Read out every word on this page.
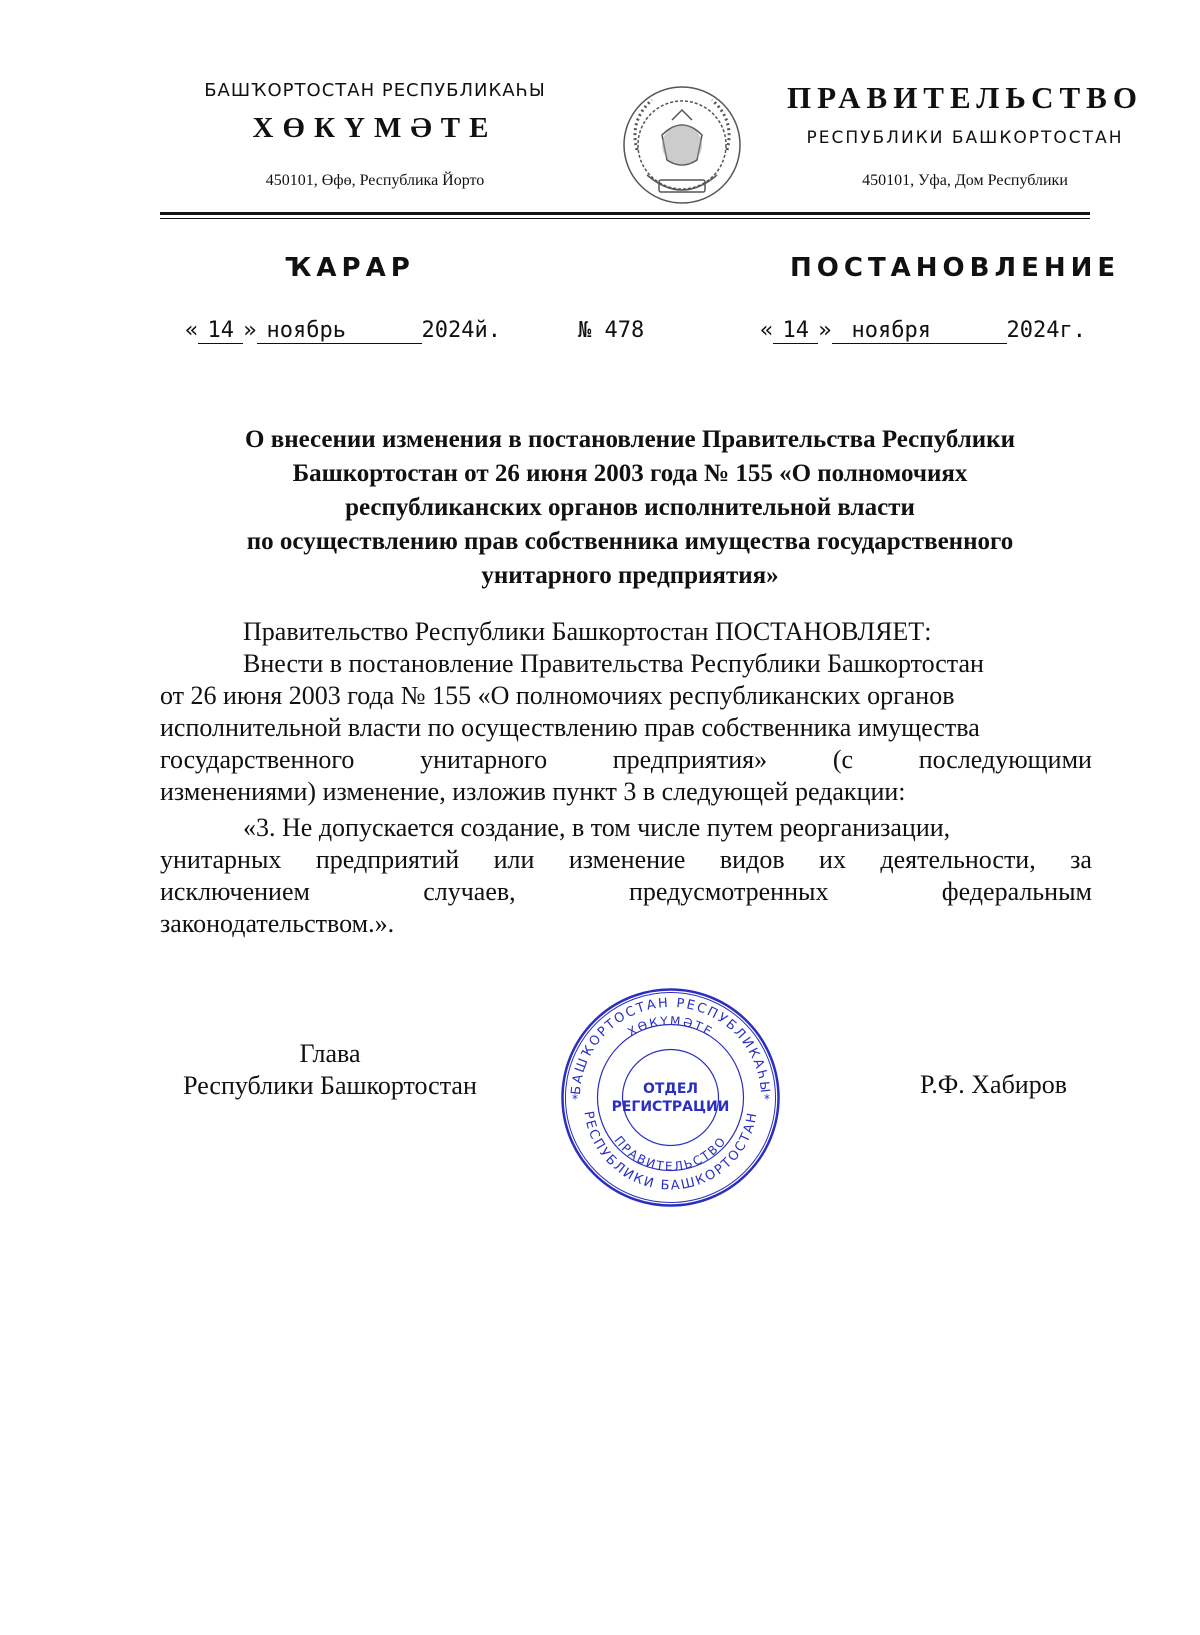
БАШҠОРТОСТАН РЕСПУБЛИКАҺЫ
ХӨКҮМӘТЕ
450101, Өфө, Республика Йорто
ПРАВИТЕЛЬСТВО
РЕСПУБЛИКИ БАШКОРТОСТАН
450101, Уфа, Дом Республики
ҠАРАР	ПОСТАНОВЛЕНИЕ
« 14 » ноябрь	2024й.	№ 478	« 14 » ноября	2024г.
О внесении изменения в постановление Правительства Республики
Башкортостан от 26 июня 2003 года № 155 «О полномочиях
республиканских органов исполнительной власти
по осуществлению прав собственника имущества государственного
унитарного предприятия»
Правительство Республики Башкортостан ПОСТАНОВЛЯЕТ:
Внести в постановление Правительства Республики Башкортостан
от 26 июня 2003 года № 155 «О полномочиях республиканских органов
исполнительной власти по осуществлению прав собственника имущества
государственного	унитарного	предприятия»	(с	последующими
изменениями) изменение, изложив пункт 3 в следующей редакции:
«3. Не допускается создание, в том числе путем реорганизации,
унитарных предприятий или изменение видов их деятельности, за
исключением	случаев,	предусмотренных	федеральным
законодательством.».
Глава
Республики Башкортостан	Р.Ф. Хабиров
БАШҠОРТОСТАН РЕСПУБЛИКАҺЫ
ХӨКҮМӘТЕ
ПРАВИТЕЛЬСТВО
РЕСПУБЛИКИ БАШКОРТОСТАН
*	*
ОТДЕЛ
РЕГИСТРАЦИИ
